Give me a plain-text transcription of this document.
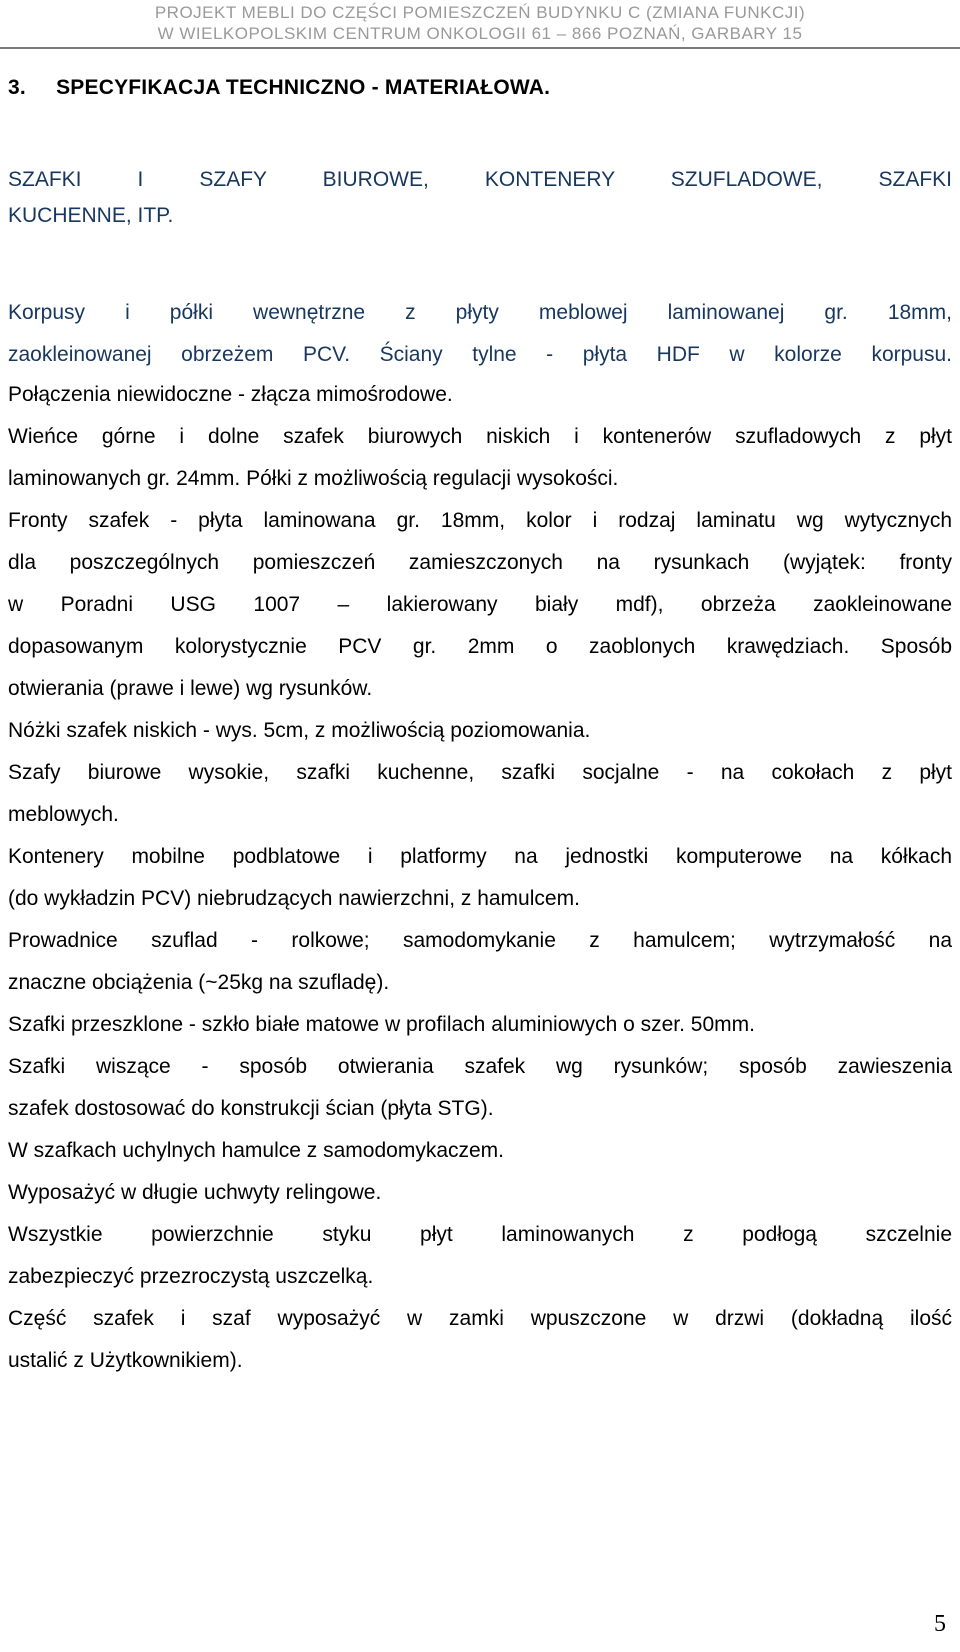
PROJEKT MEBLI DO CZĘŚCI POMIESZCZEŃ BUDYNKU C (ZMIANA FUNKCJI)
W WIELKOPOLSKIM CENTRUM ONKOLOGII 61 – 866 POZNAŃ, GARBARY 15
3.     SPECYFIKACJA TECHNICZNO - MATERIAŁOWA.
SZAFKI I SZAFY BIUROWE, KONTENERY SZUFLADOWE, SZAFKI
KUCHENNE, ITP.
Korpusy i półki wewnętrzne z płyty meblowej laminowanej gr. 18mm,
zaokleinowanej obrzeżem PCV. Ściany tylne - płyta HDF w kolorze korpusu.
Połączenia niewidoczne - złącza mimośrodowe.
Wieńce górne i dolne szafek biurowych niskich i kontenerów szufladowych z płyt
laminowanych gr. 24mm. Półki z możliwością regulacji wysokości.
Fronty szafek - płyta laminowana gr. 18mm, kolor i rodzaj laminatu wg wytycznych
dla poszczególnych pomieszczeń zamieszczonych na rysunkach (wyjątek: fronty
w Poradni USG 1007 – lakierowany biały mdf), obrzeża zaokleinowane
dopasowanym kolorystycznie PCV gr. 2mm o zaoblonych krawędziach. Sposób
otwierania (prawe i lewe) wg rysunków.
Nóżki szafek niskich - wys. 5cm, z możliwością poziomowania.
Szafy biurowe wysokie, szafki kuchenne, szafki socjalne - na cokołach z płyt
meblowych.
Kontenery mobilne podblatowe i platformy na jednostki komputerowe na kółkach
(do wykładzin PCV) niebrudzących nawierzchni, z hamulcem.
Prowadnice szuflad - rolkowe; samodomykanie z hamulcem; wytrzymałość na
znaczne obciążenia (~25kg na szufladę).
Szafki przeszklone - szkło białe matowe w profilach aluminiowych o szer. 50mm.
Szafki wiszące - sposób otwierania szafek wg rysunków; sposób zawieszenia
szafek dostosować do konstrukcji ścian (płyta STG).
W szafkach uchylnych hamulce z samodomykaczem.
Wyposażyć w długie uchwyty relingowe.
Wszystkie powierzchnie styku płyt laminowanych z podłogą szczelnie
zabezpieczyć przezroczystą uszczelką.
Część szafek i szaf wyposażyć w zamki wpuszczone w drzwi (dokładną ilość
ustalić z Użytkownikiem).
5
